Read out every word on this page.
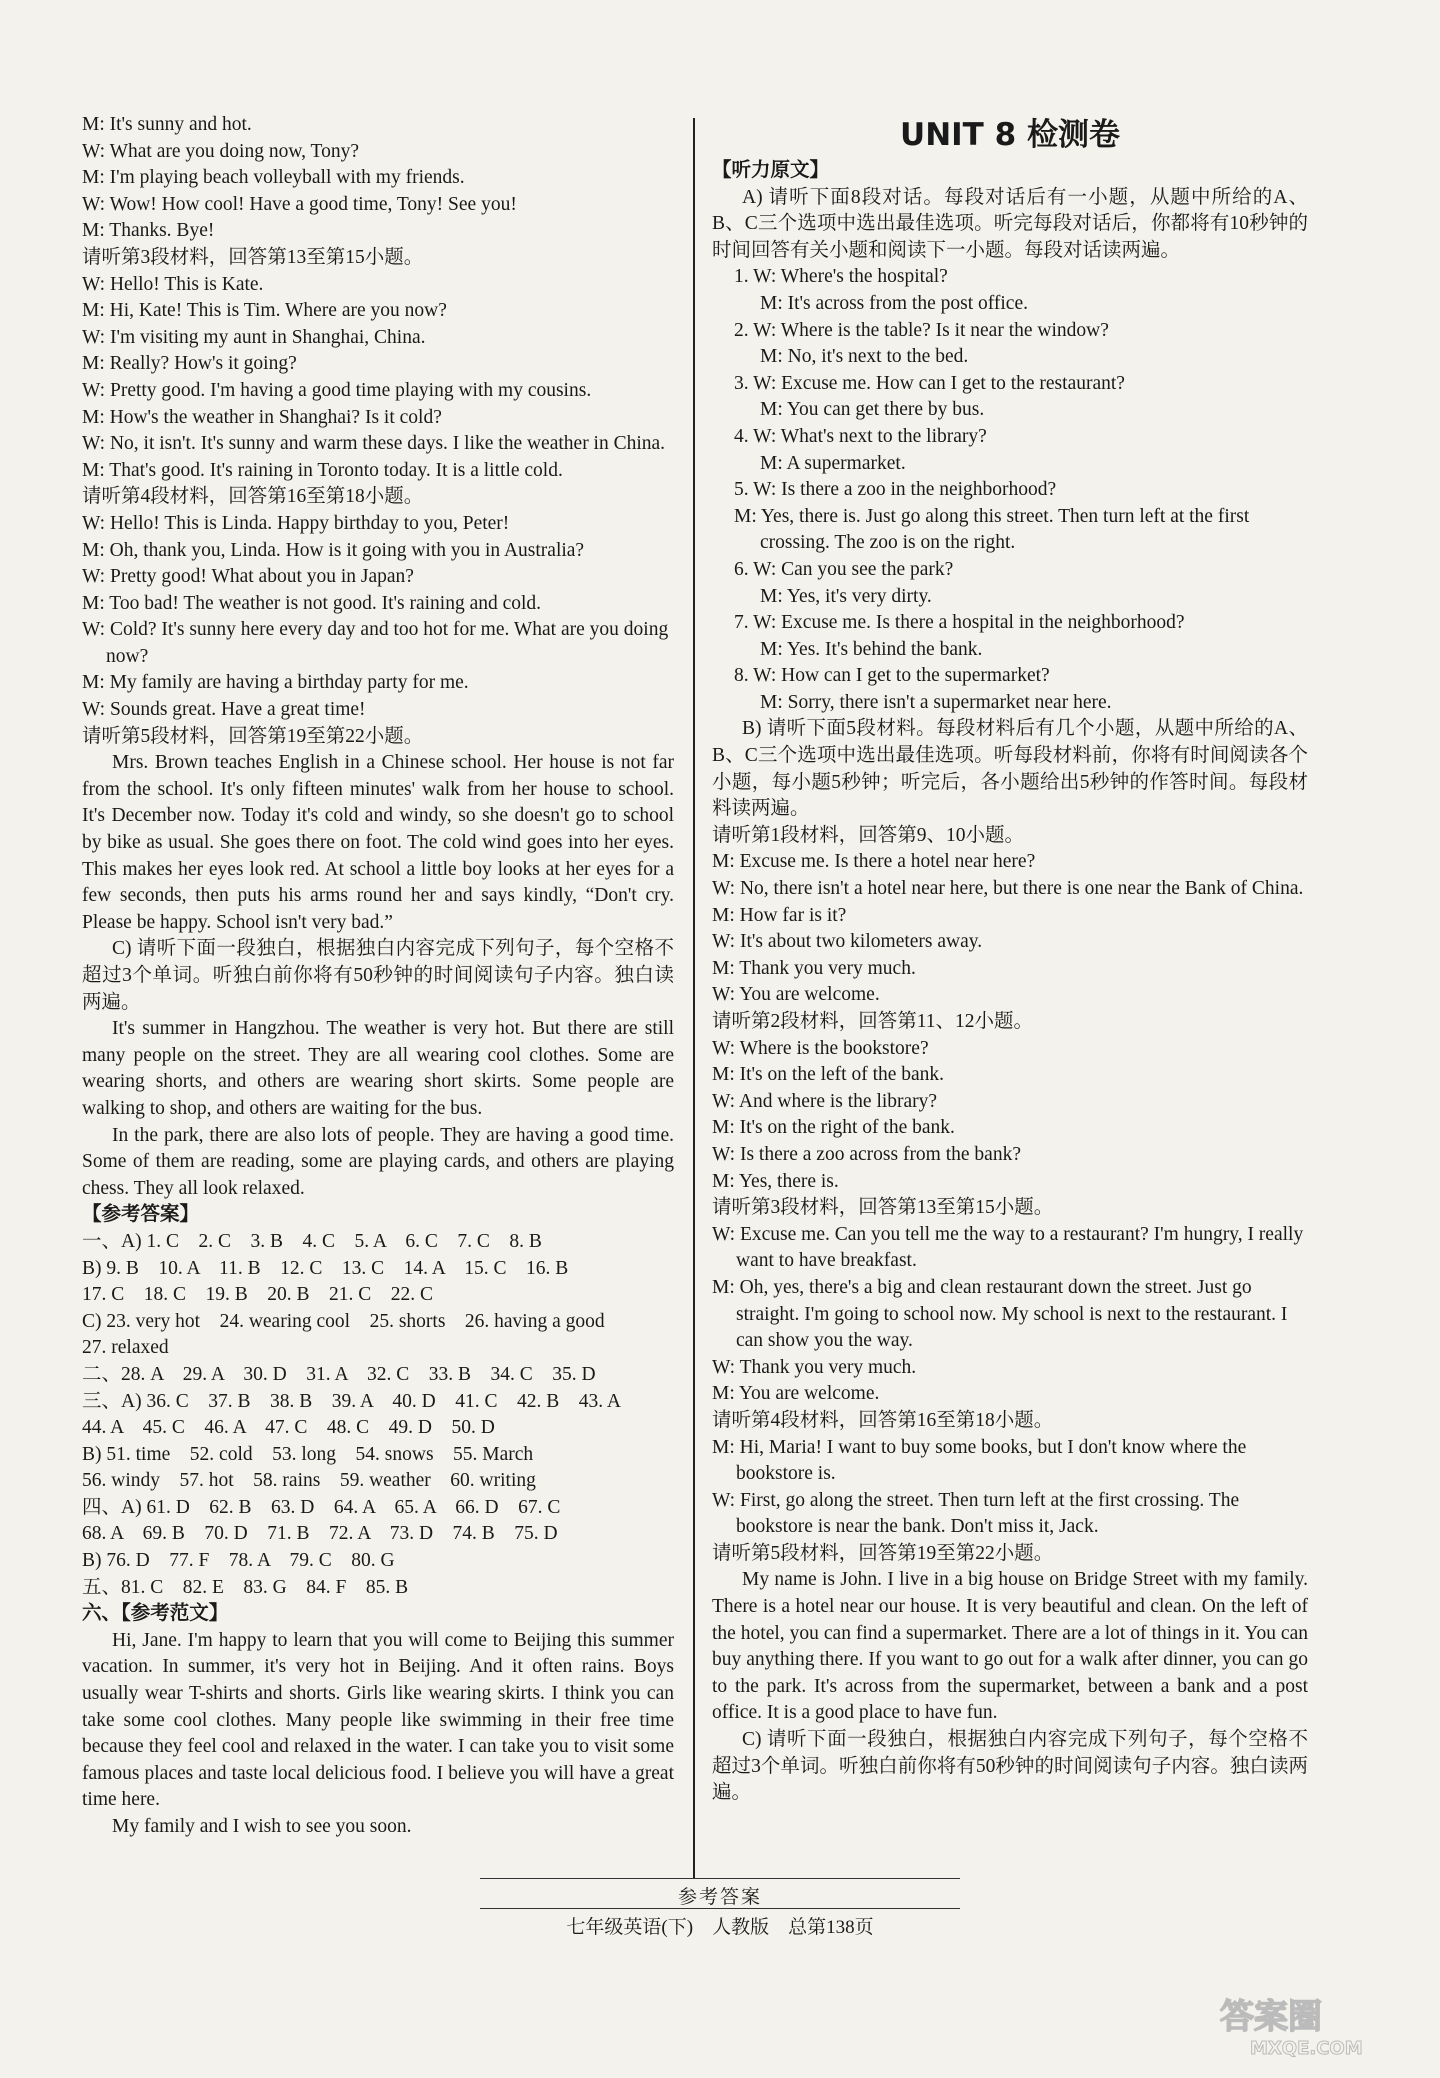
M: It's sunny and hot.
W: What are you doing now, Tony?
M: I'm playing beach volleyball with my friends.
W: Wow! How cool! Have a good time, Tony! See you!
M: Thanks. Bye!
请听第3段材料，回答第13至第15小题。
W: Hello! This is Kate.
M: Hi, Kate! This is Tim. Where are you now?
W: I'm visiting my aunt in Shanghai, China.
M: Really? How's it going?
W: Pretty good. I'm having a good time playing with my cousins.
M: How's the weather in Shanghai? Is it cold?
W: No, it isn't. It's sunny and warm these days. I like the weather in China.
M: That's good. It's raining in Toronto today. It is a little cold.
请听第4段材料，回答第16至第18小题。
W: Hello! This is Linda. Happy birthday to you, Peter!
M: Oh, thank you, Linda. How is it going with you in Australia?
W: Pretty good! What about you in Japan?
M: Too bad! The weather is not good. It's raining and cold.
W: Cold? It's sunny here every day and too hot for me. What are you doing now?
M: My family are having a birthday party for me.
W: Sounds great. Have a great time!
请听第5段材料，回答第19至第22小题。
Mrs. Brown teaches English in a Chinese school. Her house is not far from the school. It's only fifteen minutes' walk from her house to school. It's December now. Today it's cold and windy, so she doesn't go to school by bike as usual. She goes there on foot. The cold wind goes into her eyes. This makes her eyes look red. At school a little boy looks at her eyes for a few seconds, then puts his arms round her and says kindly, “Don't cry. Please be happy. School isn't very bad.”
C) 请听下面一段独白，根据独白内容完成下列句子，每个空格不超过3个单词。听独白前你将有50秒钟的时间阅读句子内容。独白读两遍。
It's summer in Hangzhou. The weather is very hot. But there are still many people on the street. They are all wearing cool clothes. Some are wearing shorts, and others are wearing short skirts. Some people are walking to shop, and others are waiting for the bus.
In the park, there are also lots of people. They are having a good time. Some of them are reading, some are playing cards, and others are playing chess. They all look relaxed.
【参考答案】
一、A) 1. C　2. C　3. B　4. C　5. A　6. C　7. C　8. B
B) 9. B　10. A　11. B　12. C　13. C　14. A　15. C　16. B
17. C　18. C　19. B　20. B　21. C　22. C
C) 23. very hot　24. wearing cool　25. shorts　26. having a good
27. relaxed
二、28. A　29. A　30. D　31. A　32. C　33. B　34. C　35. D
三、A) 36. C　37. B　38. B　39. A　40. D　41. C　42. B　43. A
44. A　45. C　46. A　47. C　48. C　49. D　50. D
B) 51. time　52. cold　53. long　54. snows　55. March
56. windy　57. hot　58. rains　59. weather　60. writing
四、A) 61. D　62. B　63. D　64. A　65. A　66. D　67. C
68. A　69. B　70. D　71. B　72. A　73. D　74. B　75. D
B) 76. D　77. F　78. A　79. C　80. G
五、81. C　82. E　83. G　84. F　85. B
六、【参考范文】
Hi, Jane. I'm happy to learn that you will come to Beijing this summer vacation. In summer, it's very hot in Beijing. And it often rains. Boys usually wear T-shirts and shorts. Girls like wearing skirts. I think you can take some cool clothes. Many people like swimming in their free time because they feel cool and relaxed in the water. I can take you to visit some famous places and taste local delicious food. I believe you will have a great time here.
My family and I wish to see you soon.
UNIT 8 检测卷
【听力原文】
A) 请听下面8段对话。每段对话后有一小题，从题中所给的A、B、C三个选项中选出最佳选项。听完每段对话后，你都将有10秒钟的时间回答有关小题和阅读下一小题。每段对话读两遍。
1. W: Where's the hospital?
M: It's across from the post office.
2. W: Where is the table? Is it near the window?
M: No, it's next to the bed.
3. W: Excuse me. How can I get to the restaurant?
M: You can get there by bus.
4. W: What's next to the library?
M: A supermarket.
5. W: Is there a zoo in the neighborhood?
M: Yes, there is. Just go along this street. Then turn left at the first crossing. The zoo is on the right.
6. W: Can you see the park?
M: Yes, it's very dirty.
7. W: Excuse me. Is there a hospital in the neighborhood?
M: Yes. It's behind the bank.
8. W: How can I get to the supermarket?
M: Sorry, there isn't a supermarket near here.
B) 请听下面5段材料。每段材料后有几个小题，从题中所给的A、B、C三个选项中选出最佳选项。听每段材料前，你将有时间阅读各个小题，每小题5秒钟；听完后，各小题给出5秒钟的作答时间。每段材料读两遍。
请听第1段材料，回答第9、10小题。
M: Excuse me. Is there a hotel near here?
W: No, there isn't a hotel near here, but there is one near the Bank of China.
M: How far is it?
W: It's about two kilometers away.
M: Thank you very much.
W: You are welcome.
请听第2段材料，回答第11、12小题。
W: Where is the bookstore?
M: It's on the left of the bank.
W: And where is the library?
M: It's on the right of the bank.
W: Is there a zoo across from the bank?
M: Yes, there is.
请听第3段材料，回答第13至第15小题。
W: Excuse me. Can you tell me the way to a restaurant? I'm hungry, I really want to have breakfast.
M: Oh, yes, there's a big and clean restaurant down the street. Just go straight. I'm going to school now. My school is next to the restaurant. I can show you the way.
W: Thank you very much.
M: You are welcome.
请听第4段材料，回答第16至第18小题。
M: Hi, Maria! I want to buy some books, but I don't know where the bookstore is.
W: First, go along the street. Then turn left at the first crossing. The bookstore is near the bank. Don't miss it, Jack.
请听第5段材料，回答第19至第22小题。
My name is John. I live in a big house on Bridge Street with my family. There is a hotel near our house. It is very beautiful and clean. On the left of the hotel, you can find a supermarket. There are a lot of things in it. You can buy anything there. If you want to go out for a walk after dinner, you can go to the park. It's across from the supermarket, between a bank and a post office. It is a good place to have fun.
C) 请听下面一段独白，根据独白内容完成下列句子，每个空格不超过3个单词。听独白前你将有50秒钟的时间阅读句子内容。独白读两遍。
参考答案
七年级英语(下)　人教版　总第138页
答案圈
MXQE.COM
